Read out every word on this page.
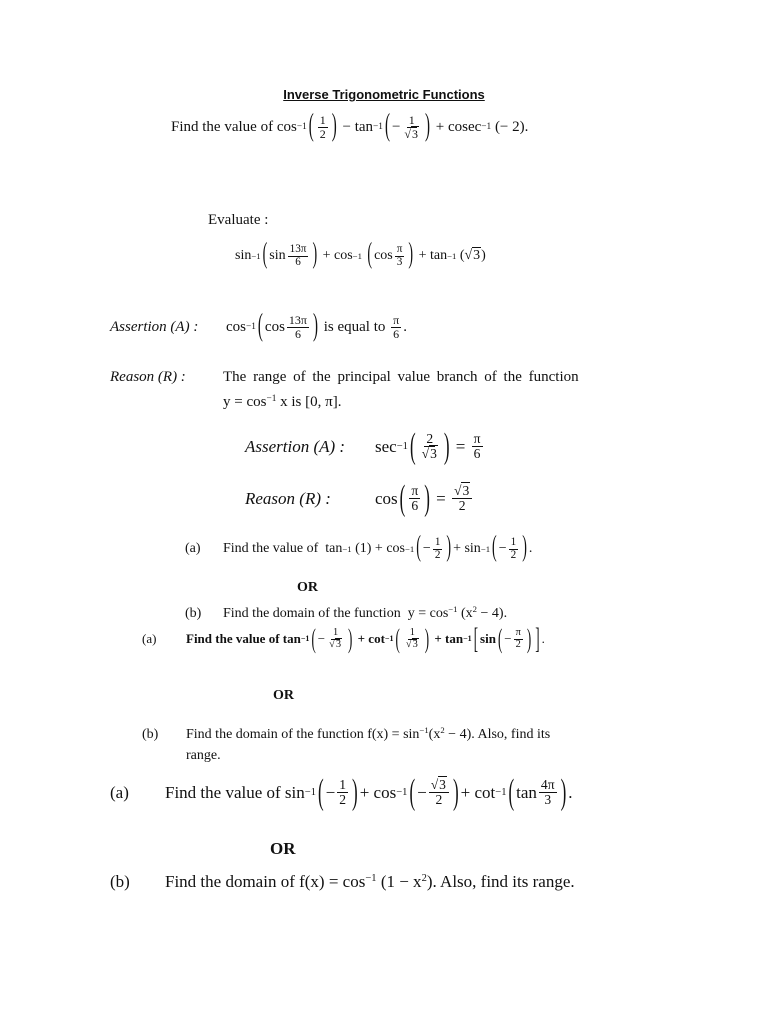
Inverse Trigonometric Functions
Find the value of
cos −1 ( $\frac{1}{2}$ )
−
tan −1 ( − $\frac{1}{√3}$ )
+
cosec −1
(− 2).
Evaluate :
sin −1 ( $\sin \frac{13\pi}{6}$ )
+ cos −1
( $\cos \frac{\pi}{3}$ )
+ tan −1
( √ 3 )
Assertion (A) :	cos −1 ( $\cos \frac{13\pi}{6}$ )
is equal to
$\frac{\pi}{6}$ .
Reason (R) : The range of the principal value branch of the function
$y = \cos^{-1} x$ is [0, π].
Assertion (A) :	sec −1 ( $\frac{2}{√3}$ )
=
$\frac{\pi}{6}$
Reason (R) :	cos ( $\frac{\pi}{6}$ )
=
$\frac{√3}{2}$
(a)	Find the value of
tan −1
(1) + cos −1 ( − $\frac{1}{2}$ ) + sin −1 ( − $\frac{1}{2}$ ) .
OR
(b) Find the domain of the function $y = \cos^{-1} (x^2 - 4)$.
(a)	Find the value of tan −1 ( − $\frac{1}{√3}$ )
+ cot −1 ( $\frac{1}{√3}$ )
+ tan −1 [ sin ( − $\frac{\pi}{2}$ ) ] .
OR
(b) Find the domain of the function $f(x) = \sin^{-1}(x^2 - 4)$. Also, find its
range.
(a)	Find the value of sin −1 ( − $\frac{1}{2}$ ) + cos −1 ( − $\frac{√3}{2}$ ) + cot −1 ( $\tan \frac{4\pi}{3}$ ) .
OR
(b) Find the domain of $f(x) = \cos^{-1} (1 - x^2)$. Also, find its range.
